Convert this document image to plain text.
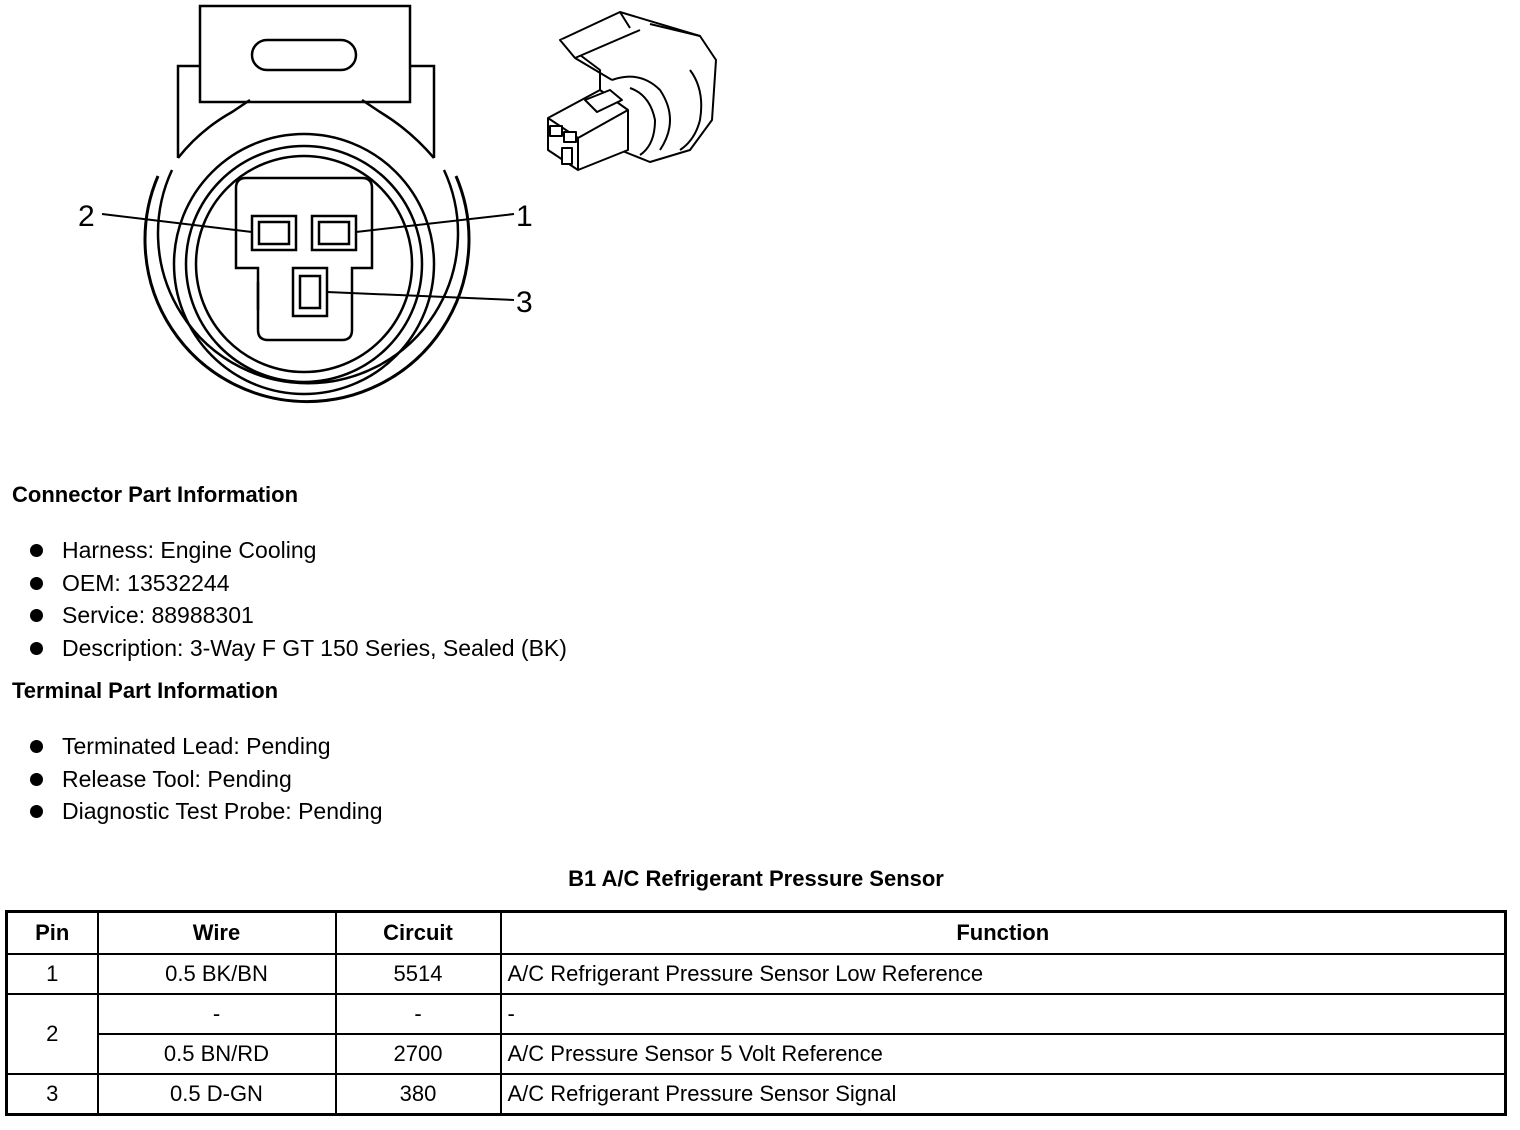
2	1
3
Connector Part Information
Harness: Engine Cooling
OEM: 13532244
Service: 88988301
Description: 3-Way F GT 150 Series, Sealed (BK)
Terminal Part Information
Terminated Lead: Pending
Release Tool: Pending
Diagnostic Test Probe: Pending
B1 A/C Refrigerant Pressure Sensor
Pin	Wire	Circuit	Function
1	0.5 BK/BN	5514	A/C Refrigerant Pressure Sensor Low Reference
2	-	-	-
	0.5 BN/RD	2700	A/C Pressure Sensor 5 Volt Reference
3	0.5 D-GN	380	A/C Refrigerant Pressure Sensor Signal
